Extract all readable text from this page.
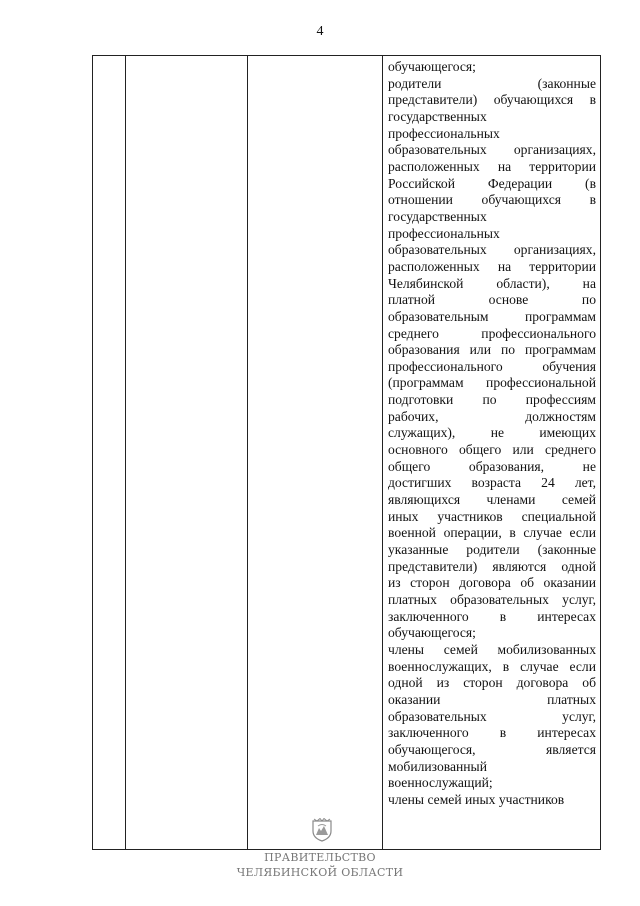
4

обучающегося;
родители (законные
представители) обучающихся в
государственных
профессиональных
образовательных организациях,
расположенных на территории
Российской Федерации (в
отношении обучающихся в
государственных
профессиональных
образовательных организациях,
расположенных на территории
Челябинской области), на
платной основе по
образовательным программам
среднего профессионального
образования или по программам
профессионального обучения
(программам профессиональной
подготовки по профессиям
рабочих, должностям
служащих), не имеющих
основного общего или среднего
общего образования, не
достигших возраста 24 лет,
являющихся членами семей
иных участников специальной
военной операции, в случае если
указанные родители (законные
представители) являются одной
из сторон договора об оказании
платных образовательных услуг,
заключенного в интересах
обучающегося;
члены семей мобилизованных
военнослужащих, в случае если
одной из сторон договора об
оказании платных
образовательных услуг,
заключенного в интересах
обучающегося, является
мобилизованный
военнослужащий;
члены семей иных участников
ПРАВИТЕЛЬСТВО
ЧЕЛЯБИНСКОЙ ОБЛАСТИ
